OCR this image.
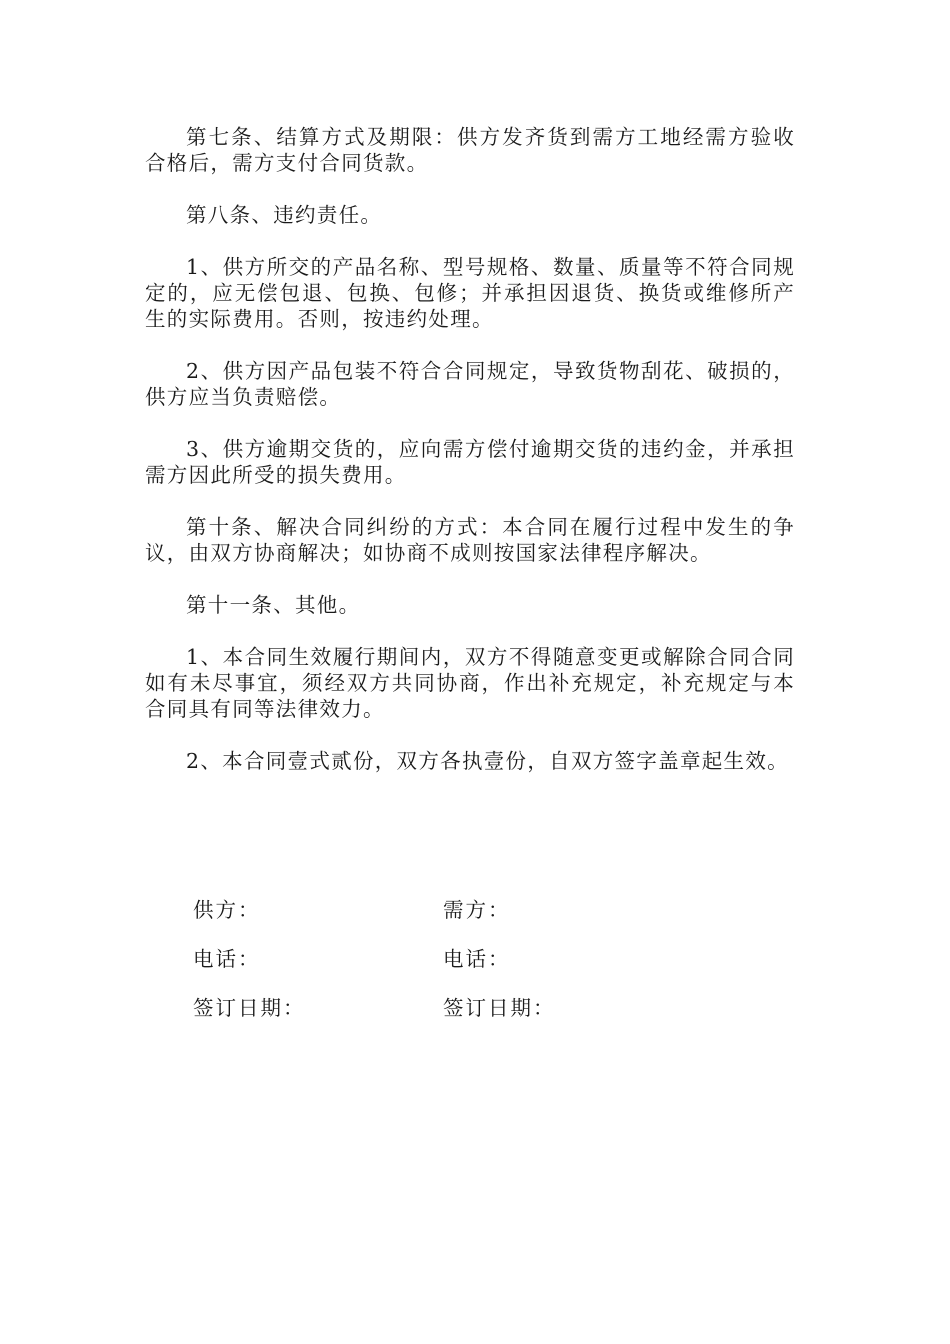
第七条、结算方式及期限：供方发齐货到需方工地经需方验收合格后，需方支付合同货款。

第八条、违约责任。

1、供方所交的产品名称、型号规格、数量、质量等不符合同规定的，应无偿包退、包换、包修；并承担因退货、换货或维修所产生的实际费用。否则，按违约处理。

2、供方因产品包装不符合合同规定，导致货物刮花、破损的，供方应当负责赔偿。

3、供方逾期交货的，应向需方偿付逾期交货的违约金，并承担需方因此所受的损失费用。

第十条、解决合同纠纷的方式：本合同在履行过程中发生的争议，由双方协商解决；如协商不成则按国家法律程序解决。

第十一条、其他。

1、本合同生效履行期间内，双方不得随意变更或解除合同合同如有未尽事宜，须经双方共同协商，作出补充规定，补充规定与本合同具有同等法律效力。

2、本合同壹式贰份，双方各执壹份，自双方签字盖章起生效。

供方：	需方：
电话：	电话：
签订日期：	签订日期：
